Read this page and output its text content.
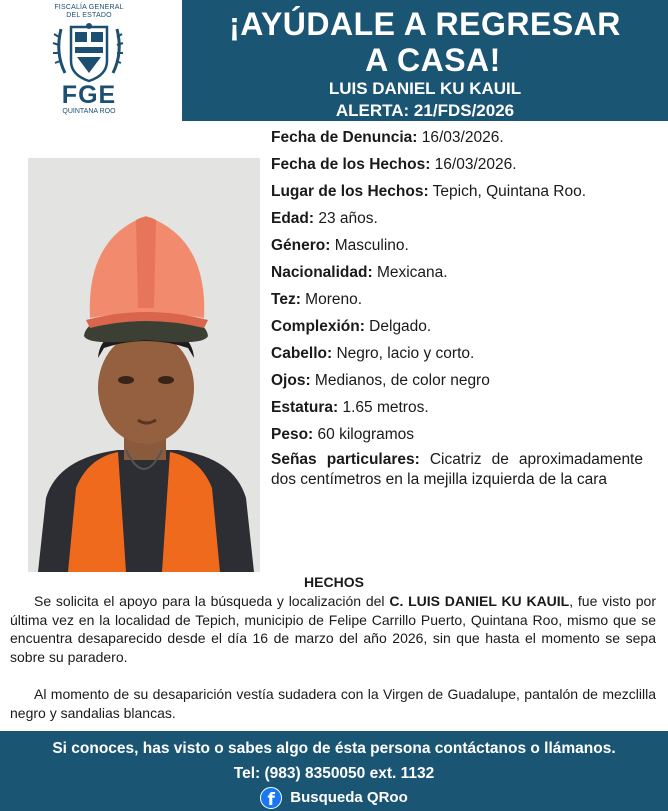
FISCALÍA GENERAL
DEL ESTADO
FGE
QUINTANA ROO
¡AYÚDALE A REGRESAR
A CASA!
LUIS DANIEL KU KAUIL
ALERTA: 21/FDS/2026
Fecha de Denuncia: 16/03/2026.
Fecha de los Hechos: 16/03/2026.
Lugar de los Hechos: Tepich, Quintana Roo.
Edad: 23 años.
Género: Masculino.
Nacionalidad: Mexicana.
Tez: Moreno.
Complexión: Delgado.
Cabello: Negro, lacio y corto.
Ojos: Medianos, de color negro
Estatura: 1.65 metros.
Peso: 60 kilogramos
Señas particulares: Cicatriz de aproximadamente dos centímetros en la mejilla izquierda de la cara
HECHOS

Se solicita el apoyo para la búsqueda y localización del C. LUIS DANIEL KU KAUIL, fue visto por última vez en la localidad de Tepich, municipio de Felipe Carrillo Puerto, Quintana Roo, mismo que se encuentra desaparecido desde el día 16 de marzo del año 2026, sin que hasta el momento se sepa sobre su paradero.

Al momento de su desaparición vestía sudadera con la Virgen de Guadalupe, pantalón de mezclilla negro y sandalias blancas.

Si conoces, has visto o sabes algo de ésta persona contáctanos o llámanos.
Tel: (983) 8350050 ext. 1132
f	Busqueda QRoo
